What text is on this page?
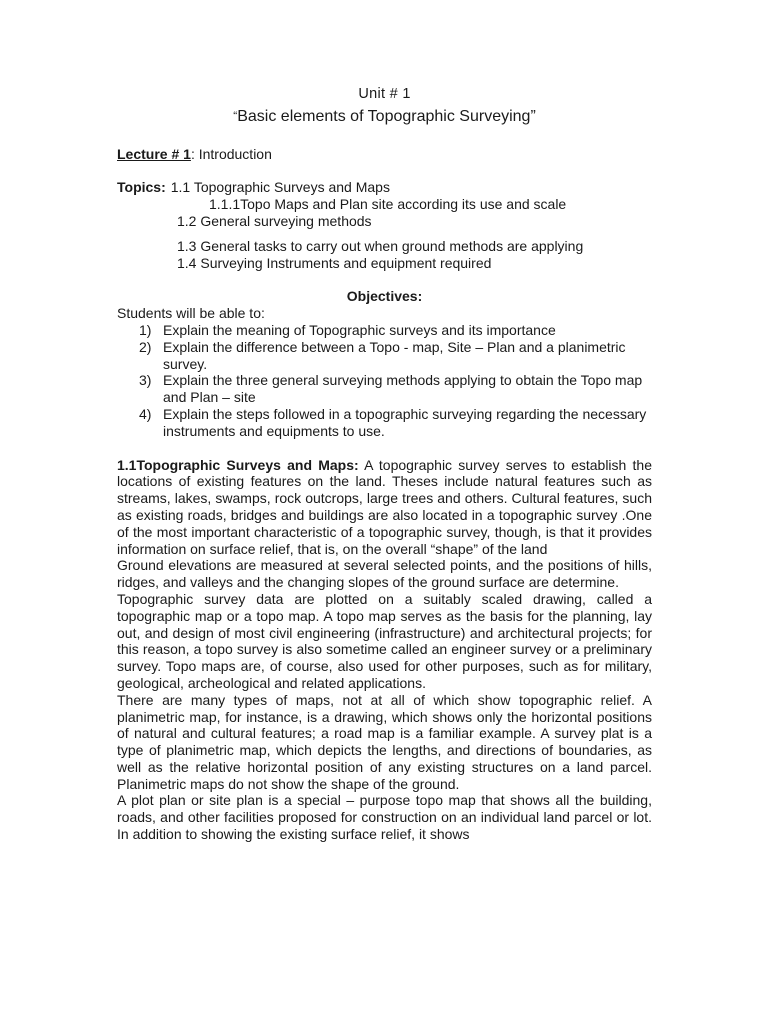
Unit # 1

“Basic elements of Topographic Surveying”

Lecture # 1: Introduction

Topics: 1.1 Topographic Surveys and Maps
1.1.1Topo Maps and Plan site according its use and scale
1.2 General surveying methods
1.3 General tasks to carry out when ground methods are applying
1.4 Surveying Instruments and equipment required

Objectives:

Students will be able to:

1) Explain the meaning of Topographic surveys and its importance
2) Explain the difference between a Topo - map, Site – Plan and a planimetric survey.
3) Explain the three general surveying methods applying to obtain the Topo map and Plan – site
4) Explain the steps followed in a topographic surveying regarding the necessary instruments and equipments to use.

1.1Topographic Surveys and Maps: A topographic survey serves to establish the locations of existing features on the land. Theses include natural features such as streams, lakes, swamps, rock outcrops, large trees and others. Cultural features, such as existing roads, bridges and buildings are also located in a topographic survey .One of the most important characteristic of a topographic survey, though, is that it provides information on surface relief, that is, on the overall “shape” of the land

Ground elevations are measured at several selected points, and the positions of hills, ridges, and valleys and the changing slopes of the ground surface are determine.

Topographic survey data are plotted on a suitably scaled drawing, called a topographic map or a topo map. A topo map serves as the basis for the planning, lay out, and design of most civil engineering (infrastructure) and architectural projects; for this reason, a topo survey is also sometime called an engineer survey or a preliminary survey. Topo maps are, of course, also used for other purposes, such as for military, geological, archeological and related applications.

There are many types of maps, not at all of which show topographic relief. A planimetric map, for instance, is a drawing, which shows only the horizontal positions of natural and cultural features; a road map is a familiar example. A survey plat is a type of planimetric map, which depicts the lengths, and directions of boundaries, as well as the relative horizontal position of any existing structures on a land parcel. Planimetric maps do not show the shape of the ground.

A plot plan or site plan is a special – purpose topo map that shows all the building, roads, and other facilities proposed for construction on an individual land parcel or lot. In addition to showing the existing surface relief, it shows
